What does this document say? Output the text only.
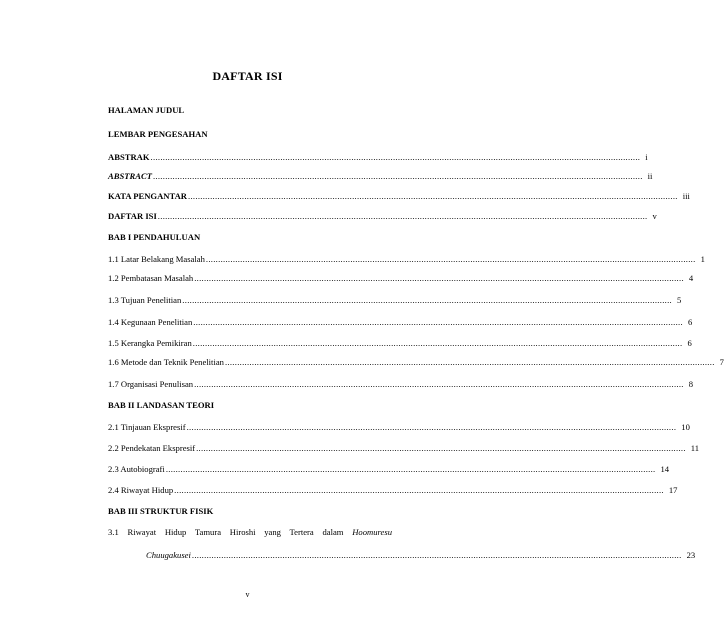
DAFTAR ISI
HALAMAN JUDUL
LEMBAR PENGESAHAN
ABSTRAK ........................................................................................................................................................................................................ i
ABSTRACT ........................................................................................................................................................................................................ ii
KATA PENGANTAR ........................................................................................................................................................................................................ iii
DAFTAR ISI ........................................................................................................................................................................................................ v
BAB I PENDAHULUAN
1.1 Latar Belakang Masalah ........................................................................................................................................................................................................ 1
1.2 Pembatasan Masalah ........................................................................................................................................................................................................ 4
1.3 Tujuan Penelitian ........................................................................................................................................................................................................ 5
1.4 Kegunaan Penelitian ........................................................................................................................................................................................................ 6
1.5 Kerangka Pemikiran ........................................................................................................................................................................................................ 6
1.6 Metode dan Teknik Penelitian ........................................................................................................................................................................................................ 7
1.7 Organisasi Penulisan ........................................................................................................................................................................................................ 8
BAB II LANDASAN TEORI
2.1 Tinjauan Ekspresif ........................................................................................................................................................................................................ 10
2.2 Pendekatan Ekspresif ........................................................................................................................................................................................................ 11
2.3 Autobiografi ........................................................................................................................................................................................................ 14
2.4 Riwayat Hidup ........................................................................................................................................................................................................ 17
BAB III STRUKTUR FISIK
3.1 Riwayat Hidup Tamura Hiroshi yang Tertera dalam Hoomuresu
Chuugakusei ........................................................................................................................................................................................................ 23
v
